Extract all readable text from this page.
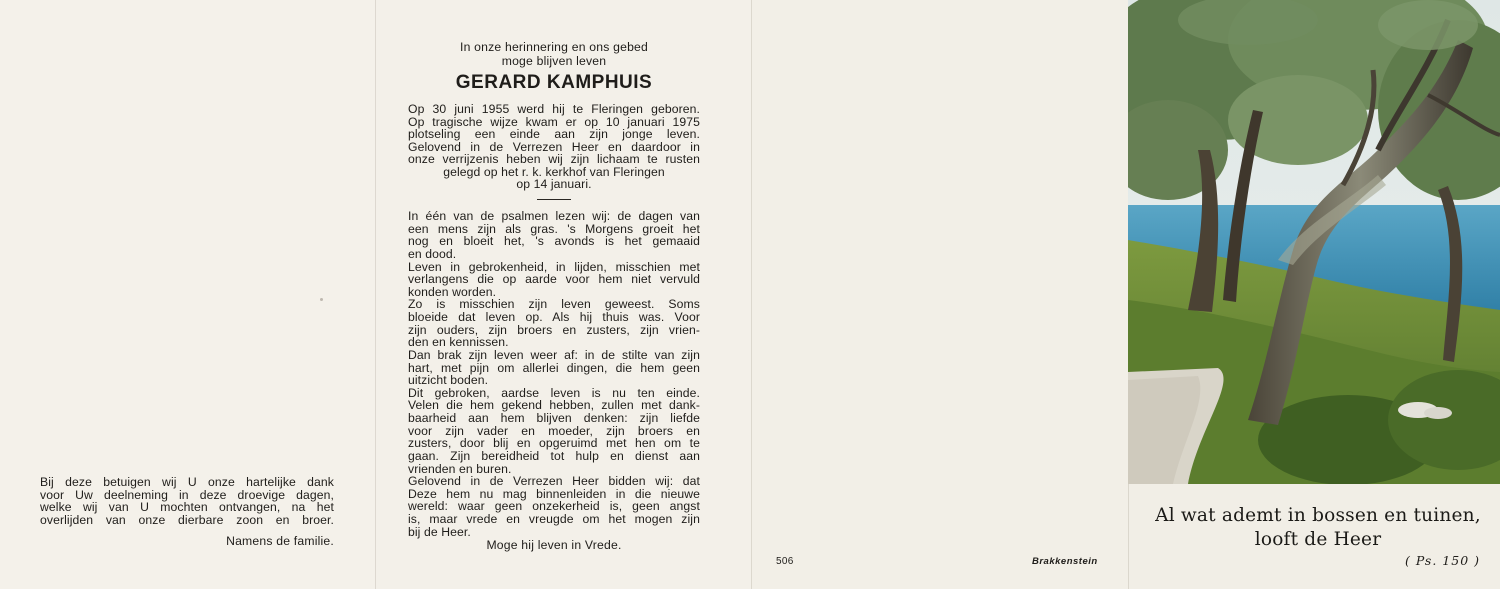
Bij deze betuigen wij U onze hartelijke dank
voor Uw deelneming in deze droevige dagen,
welke wij van U mochten ontvangen, na het
overlijden van onze dierbare zoon en broer.
Namens de familie.
In onze herinnering en ons gebed
moge blijven leven
GERARD KAMPHUIS
Op 30 juni 1955 werd hij te Fleringen geboren.
Op tragische wijze kwam er op 10 januari 1975
plotseling een einde aan zijn jonge leven.
Gelovend in de Verrezen Heer en daardoor in
onze verrijzenis heben wij zijn lichaam te rusten
gelegd op het r. k. kerkhof van Fleringen
op 14 januari.
In één van de psalmen lezen wij: de dagen van
een mens zijn als gras. 's Morgens groeit het
nog en bloeit het, 's avonds is het gemaaid
en dood.
Leven in gebrokenheid, in lijden, misschien met
verlangens die op aarde voor hem niet vervuld
konden worden.
Zo is misschien zijn leven geweest. Soms
bloeide dat leven op. Als hij thuis was. Voor
zijn ouders, zijn broers en zusters, zijn vrien-
den en kennissen.
Dan brak zijn leven weer af: in de stilte van zijn
hart, met pijn om allerlei dingen, die hem geen
uitzicht boden.
Dit gebroken, aardse leven is nu ten einde.
Velen die hem gekend hebben, zullen met dank-
baarheid aan hem blijven denken: zijn liefde
voor zijn vader en moeder, zijn broers en
zusters, door blij en opgeruimd met hen om te
gaan. Zijn bereidheid tot hulp en dienst aan
vrienden en buren.
Gelovend in de Verrezen Heer bidden wij: dat
Deze hem nu mag binnenleiden in die nieuwe
wereld: waar geen onzekerheid is, geen angst
is, maar vrede en vreugde om het mogen zijn
bij de Heer.
Moge hij leven in Vrede.
506	Brakkenstein
Al wat ademt in bossen en tuinen,
looft de Heer
( Ps. 150 )
